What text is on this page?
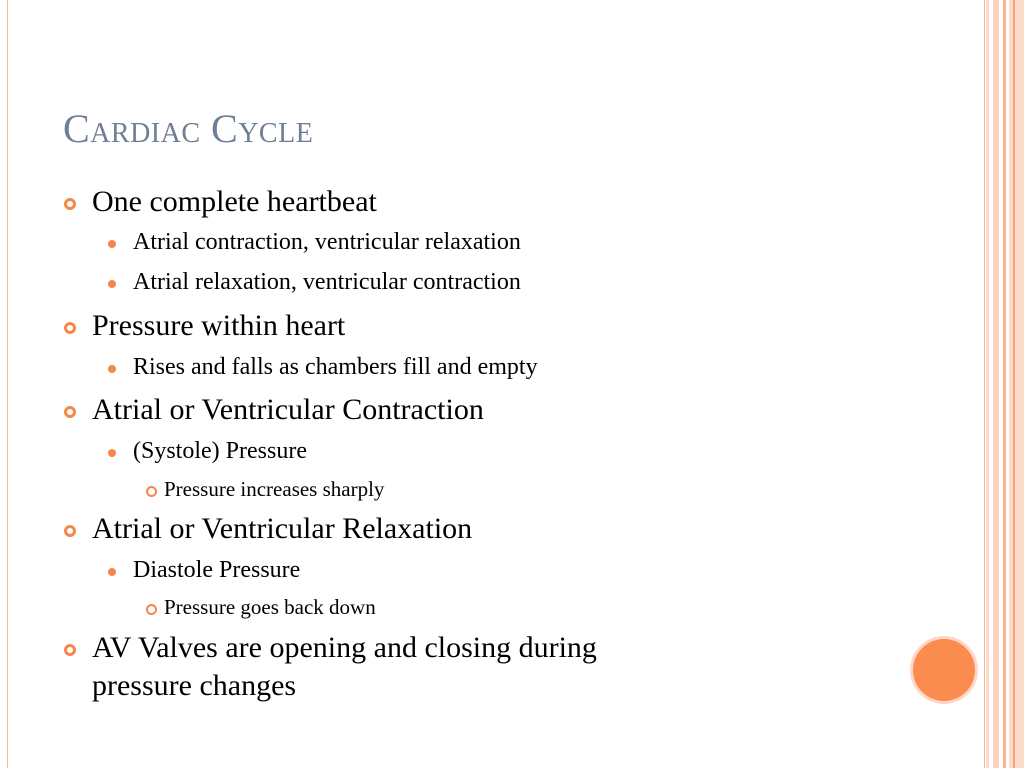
Cardiac Cycle
One complete heartbeat
Atrial contraction, ventricular relaxation
Atrial relaxation, ventricular contraction
Pressure within heart
Rises and falls as chambers fill and empty
Atrial or Ventricular Contraction
(Systole) Pressure
Pressure increases sharply
Atrial or Ventricular Relaxation
Diastole Pressure
Pressure goes back down
AV Valves are opening and closing during
pressure changes
